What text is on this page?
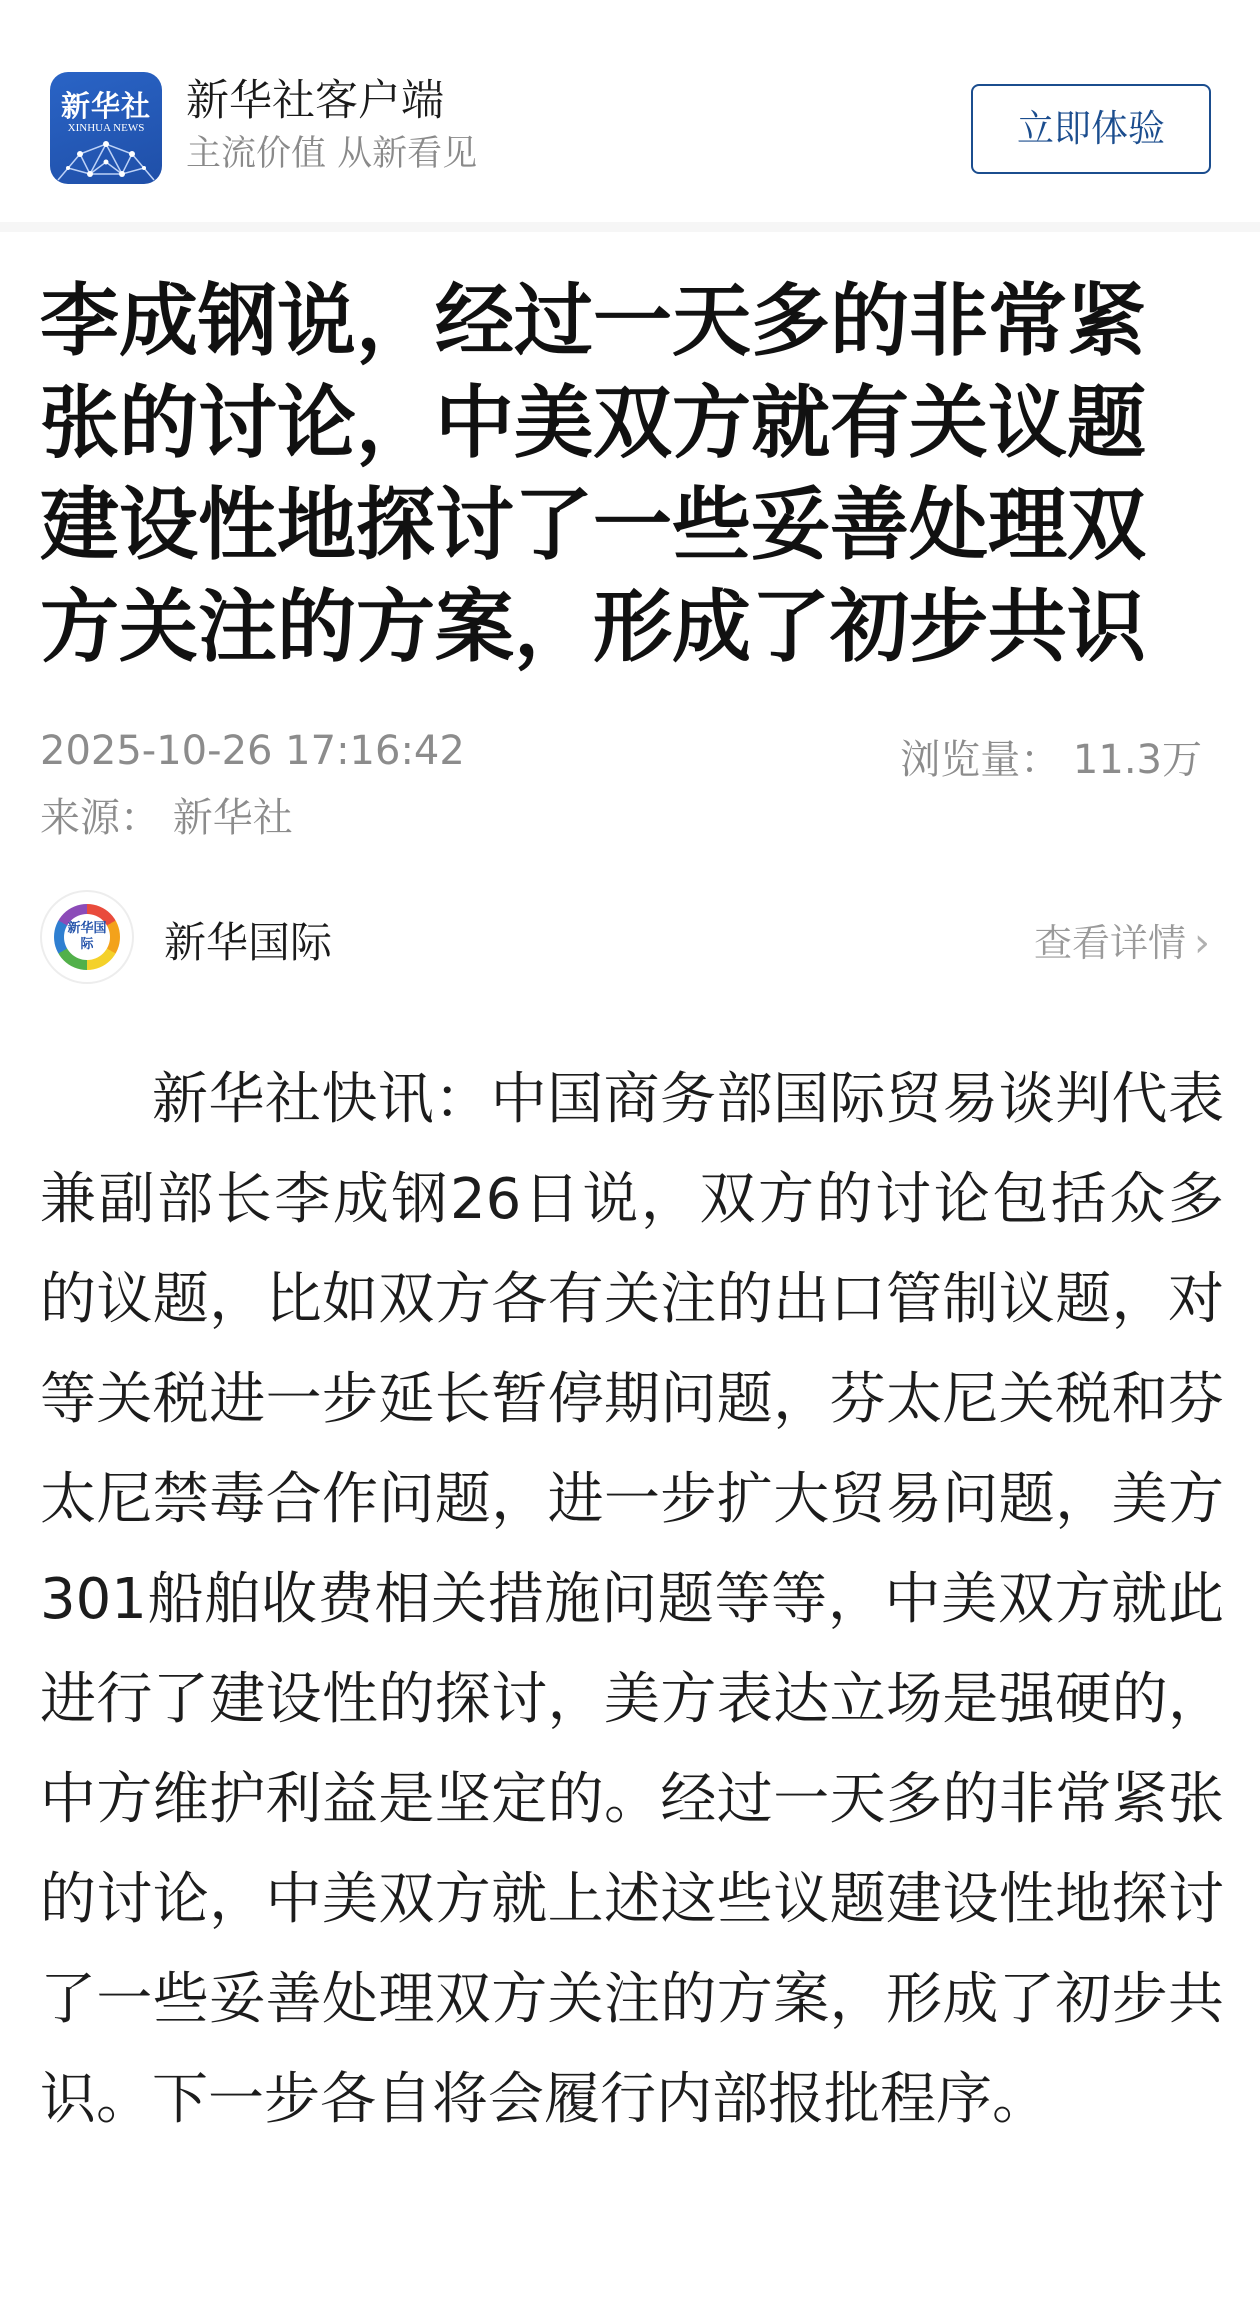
新华社
XINHUA NEWS
新华社客户端
主流价值 从新看见
立即体验
李成钢说，经过一天多的非常紧张的讨论，中美双方就有关议题建设性地探讨了一些妥善处理双方关注的方案，形成了初步共识
2025-10-26 17:16:42	浏览量： 11.3万
来源： 新华社
新华国际	新华国际	查看详情 ›

新华社快讯：中国商务部国际贸易谈判代表兼副部长李成钢26日说，双方的讨论包括众多的议题，比如双方各有关注的出口管制议题，对等关税进一步延长暂停期问题，芬太尼关税和芬太尼禁毒合作问题，进一步扩大贸易问题，美方301船舶收费相关措施问题等等，中美双方就此进行了建设性的探讨，美方表达立场是强硬的，中方维护利益是坚定的。经过一天多的非常紧张的讨论，中美双方就上述这些议题建设性地探讨了一些妥善处理双方关注的方案，形成了初步共识。下一步各自将会履行内部报批程序。
